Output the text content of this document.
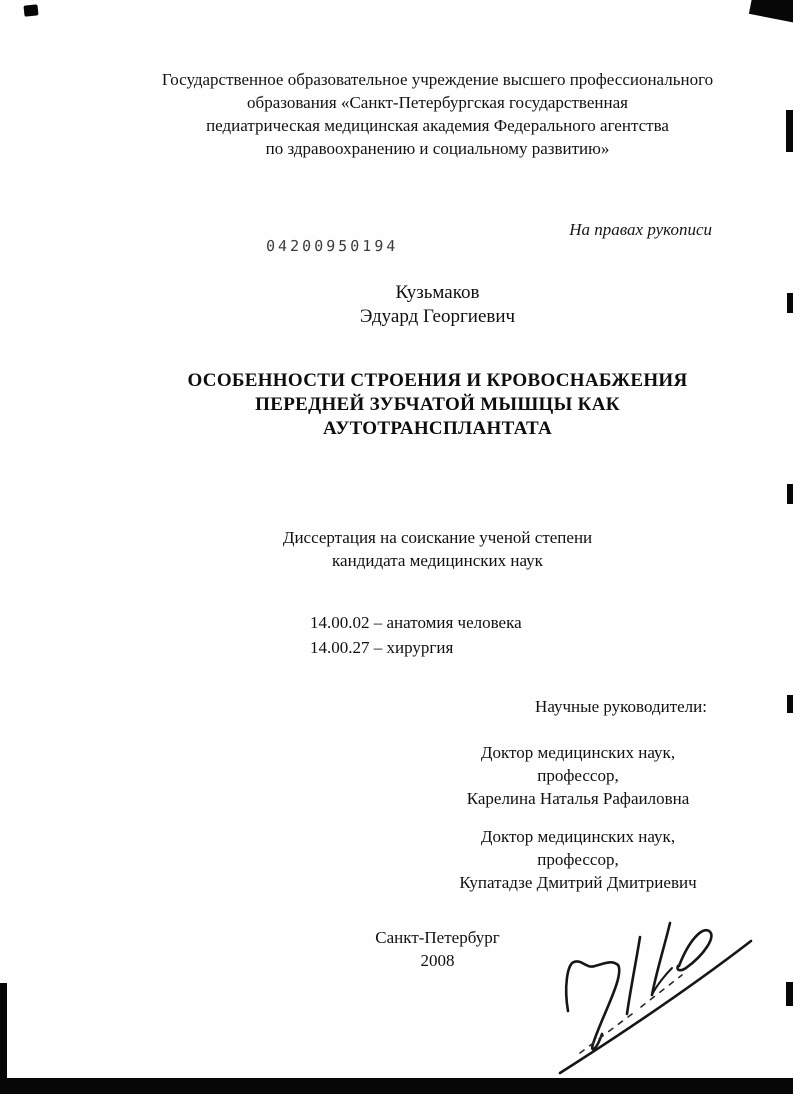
Государственное образовательное учреждение высшего профессионального
образования «Санкт-Петербургская государственная
педиатрическая медицинская академия Федерального агентства
по здравоохранению и социальному развитию»
На правах рукописи
04200950194
Кузьмаков
Эдуард Георгиевич
ОСОБЕННОСТИ СТРОЕНИЯ И КРОВОСНАБЖЕНИЯ
ПЕРЕДНЕЙ ЗУБЧАТОЙ МЫШЦЫ КАК
АУТОТРАНСПЛАНТАТА
Диссертация на соискание ученой степени
кандидата медицинских наук
14.00.02 – анатомия человека
14.00.27 – хирургия
Научные руководители:
Доктор медицинских наук,
профессор,
Карелина Наталья Рафаиловна
Доктор медицинских наук,
профессор,
Купатадзе Дмитрий Дмитриевич
Санкт-Петербург
2008
